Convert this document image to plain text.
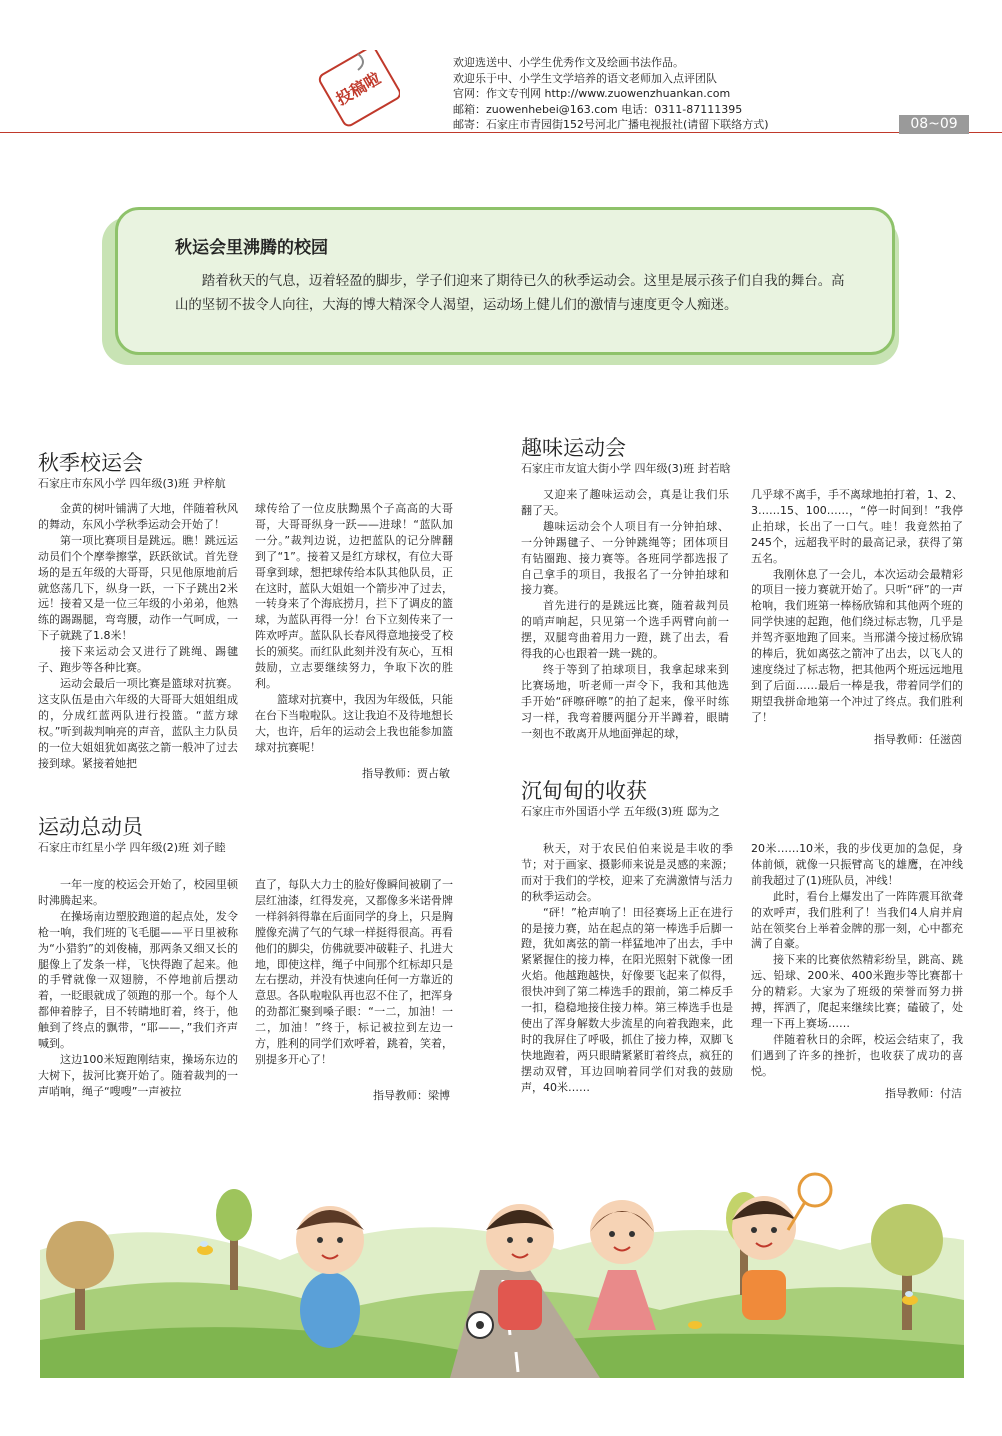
投稿啦
欢迎选送中、小学生优秀作文及绘画书法作品。
欢迎乐于中、小学生文学培养的语文老师加入点评团队
官网：作文专刊网 http://www.zuowenzhuankan.com
邮箱：zuowenhebei@163.com 电话：0311-87111395
邮寄：石家庄市青园街152号河北广播电视报社(请留下联络方式)	08~09
秋运会里沸腾的校园
踏着秋天的气息，迈着轻盈的脚步，学子们迎来了期待已久的秋季运动会。这里是展示孩子们自我的舞台。高山的坚韧不拔令人向往，大海的博大精深令人渴望，运动场上健儿们的激情与速度更令人痴迷。
秋季校运会
石家庄市东风小学 四年级(3)班 尹梓航

金黄的树叶铺满了大地，伴随着秋风的舞动，东风小学秋季运动会开始了！

第一项比赛项目是跳远。瞧！跳远运动员们个个摩拳擦掌，跃跃欲试。首先登场的是五年级的大哥哥，只见他原地前后就悠荡几下，纵身一跃，一下子跳出2米远！接着又是一位三年级的小弟弟，他熟练的踢踢腿，弯弯腰，动作一气呵成，一下子就跳了1.8米！

接下来运动会又进行了跳绳、踢毽子、跑步等各种比赛。

运动会最后一项比赛是篮球对抗赛。这支队伍是由六年级的大哥哥大姐姐组成的，分成红蓝两队进行投篮。“蓝方球权。”听到裁判响亮的声音，蓝队主力队员的一位大姐姐犹如离弦之箭一般冲了过去接到球。紧接着她把

球传给了一位皮肤黝黑个子高高的大哥哥，大哥哥纵身一跃——进球！“蓝队加一分。”裁判边说，边把蓝队的记分牌翻到了“1”。接着又是红方球权，有位大哥哥拿到球，想把球传给本队其他队员，正在这时，蓝队大姐姐一个箭步冲了过去，一转身来了个海底捞月，拦下了调皮的篮球，为蓝队再得一分！台下立刻传来了一阵欢呼声。蓝队队长春风得意地接受了校长的颁奖。而红队此刻并没有灰心，互相鼓励，立志要继续努力，争取下次的胜利。

篮球对抗赛中，我因为年级低，只能在台下当啦啦队。这让我迫不及待地想长大，也许，后年的运动会上我也能参加篮球对抗赛呢！

指导教师：贾占敏
运动总动员
石家庄市红星小学 四年级(2)班 刘子睦

一年一度的校运会开始了，校园里顿时沸腾起来。

在操场南边塑胶跑道的起点处，发令枪一响，我们班的飞毛腿——平日里被称为“小猎豹”的刘俊楠，那两条又细又长的腿像上了发条一样，飞快得跑了起来。他的手臂就像一双翅膀，不停地前后摆动着，一眨眼就成了领跑的那一个。每个人都伸着脖子，目不转睛地盯着，终于，他触到了终点的飘带，“耶——，”我们齐声喊到。

这边100米短跑刚结束，操场东边的大树下，拔河比赛开始了。随着裁判的一声哨响，绳子“嗖嗖”一声被拉

直了，每队大力士的脸好像瞬间被刷了一层红油漆，红得发亮，又都像多米诺骨牌一样斜斜得靠在后面同学的身上，只是胸膛像充满了气的气球一样挺得很高。再看他们的脚尖，仿佛就要冲破鞋子、扎进大地，即使这样，绳子中间那个红标却只是左右摆动，并没有快速向任何一方靠近的意思。各队啦啦队再也忍不住了，把浑身的劲都汇聚到嗓子眼：“一二，加油！一二，加油！”终于，标记被拉到左边一方，胜利的同学们欢呼着，跳着，笑着，别提多开心了！

指导教师：梁博
趣味运动会
石家庄市友谊大街小学 四年级(3)班 封若晗

又迎来了趣味运动会，真是让我们乐翻了天。

趣味运动会个人项目有一分钟拍球、一分钟踢毽子、一分钟跳绳等；团体项目有钻圈跑、接力赛等。各班同学都选报了自己拿手的项目，我报名了一分钟拍球和接力赛。

首先进行的是跳远比赛，随着裁判员的哨声响起，只见第一个选手两臂向前一摆，双腿弯曲着用力一蹬，跳了出去，看得我的心也跟着一跳一跳的。

终于等到了拍球项目，我拿起球来到比赛场地，听老师一声令下，我和其他选手开始“砰嚓砰嚓”的拍了起来，像平时练习一样，我弯着腰两腿分开半蹲着，眼睛一刻也不敢离开从地面弹起的球，

几乎球不离手，手不离球地拍打着，1、2、3……15、100……，“停一时间到！”我停止拍球，长出了一口气。哇！我竟然拍了245个，远超我平时的最高记录，获得了第五名。

我刚休息了一会儿，本次运动会最精彩的项目一接力赛就开始了。只听“砰”的一声枪响，我们班第一棒杨欣锦和其他两个班的同学快速的起跑，他们绕过标志物，几乎是并驾齐驱地跑了回来。当邢潇今接过杨欣锦的棒后，犹如离弦之箭冲了出去，以飞人的速度绕过了标志物，把其他两个班远远地甩到了后面……最后一棒是我，带着同学们的期望我拼命地第一个冲过了终点。我们胜利了！

指导教师：任滋茵
沉甸甸的收获
石家庄市外国语小学 五年级(3)班 邸为之

秋天，对于农民伯伯来说是丰收的季节；对于画家、摄影师来说是灵感的来源；而对于我们的学校，迎来了充满激情与活力的秋季运动会。

“砰！”枪声响了！田径赛场上正在进行的是接力赛，站在起点的第一棒选手后脚一蹬，犹如离弦的箭一样猛地冲了出去，手中紧紧握住的接力棒，在阳光照射下就像一团火焰。他越跑越快，好像要飞起来了似得，很快冲到了第二棒选手的跟前，第二棒反手一扣，稳稳地接住接力棒。第三棒选手也是使出了浑身解数大步流星的向着我跑来，此时的我屏住了呼吸，抓住了接力棒，双脚飞快地跑着，两只眼睛紧紧盯着终点，疯狂的摆动双臂，耳边回响着同学们对我的鼓励声，40米……

20米……10米，我的步伐更加的急促，身体前倾，就像一只振臂高飞的雄鹰，在冲线前我超过了(1)班队员，冲线！

此时，看台上爆发出了一阵阵震耳欲聋的欢呼声，我们胜利了！当我们4人肩并肩站在领奖台上举着金牌的那一刻，心中都充满了自豪。

接下来的比赛依然精彩纷呈，跳高、跳远、铅球、200米、400米跑步等比赛都十分的精彩。大家为了班级的荣誉而努力拼搏，挥洒了，爬起来继续比赛；磕破了，处理一下再上赛场……

伴随着秋日的余晖，校运会结束了，我们遇到了许多的挫折，也收获了成功的喜悦。

指导教师：付洁
